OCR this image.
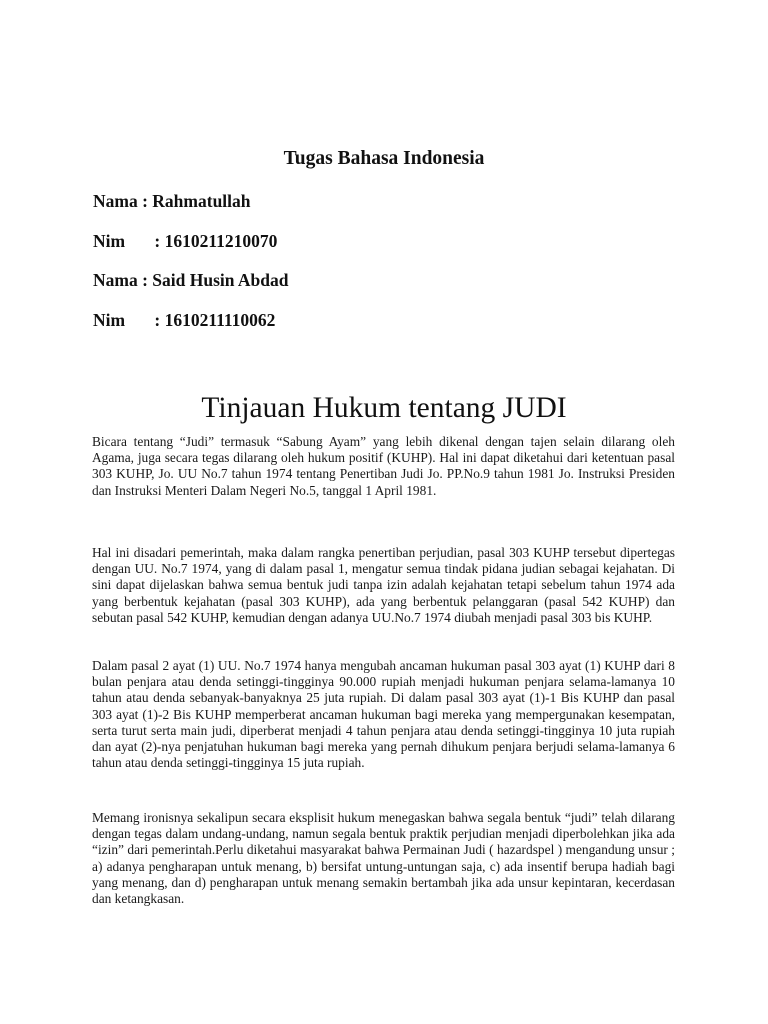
Tugas Bahasa Indonesia

Nama : Rahmatullah

Nim : 1610211210070

Nama : Said Husin Abdad

Nim : 1610211110062

Tinjauan Hukum tentang JUDI

Bicara tentang “Judi” termasuk “Sabung Ayam” yang lebih dikenal dengan tajen selain dilarang oleh Agama, juga secara tegas dilarang oleh hukum positif (KUHP). Hal ini dapat diketahui dari ketentuan pasal 303 KUHP, Jo. UU No.7 tahun 1974 tentang Penertiban Judi Jo. PP.No.9 tahun 1981 Jo. Instruksi Presiden dan Instruksi Menteri Dalam Negeri No.5, tanggal 1 April 1981.

Hal ini disadari pemerintah, maka dalam rangka penertiban perjudian, pasal 303 KUHP tersebut dipertegas dengan UU. No.7 1974, yang di dalam pasal 1, mengatur semua tindak pidana judian sebagai kejahatan. Di sini dapat dijelaskan bahwa semua bentuk judi tanpa izin adalah kejahatan tetapi sebelum tahun 1974 ada yang berbentuk kejahatan (pasal 303 KUHP), ada yang berbentuk pelanggaran (pasal 542 KUHP) dan sebutan pasal 542 KUHP, kemudian dengan adanya UU.No.7 1974 diubah menjadi pasal 303 bis KUHP.

Dalam pasal 2 ayat (1) UU. No.7 1974 hanya mengubah ancaman hukuman pasal 303 ayat (1) KUHP dari 8 bulan penjara atau denda setinggi-tingginya 90.000 rupiah menjadi hukuman penjara selama-lamanya 10 tahun atau denda sebanyak-banyaknya 25 juta rupiah. Di dalam pasal 303 ayat (1)-1 Bis KUHP dan pasal 303 ayat (1)-2 Bis KUHP memperberat ancaman hukuman bagi mereka yang mempergunakan kesempatan, serta turut serta main judi, diperberat menjadi 4 tahun penjara atau denda setinggi-tingginya 10 juta rupiah dan ayat (2)-nya penjatuhan hukuman bagi mereka yang pernah dihukum penjara berjudi selama-lamanya 6 tahun atau denda setinggi-tingginya 15 juta rupiah.

Memang ironisnya sekalipun secara eksplisit hukum menegaskan bahwa segala bentuk “judi” telah dilarang dengan tegas dalam undang-undang, namun segala bentuk praktik perjudian menjadi diperbolehkan jika ada “izin” dari pemerintah.Perlu diketahui masyarakat bahwa Permainan Judi ( hazardspel ) mengandung unsur ; a) adanya pengharapan untuk menang, b) bersifat untung-untungan saja, c) ada insentif berupa hadiah bagi yang menang, dan d) pengharapan untuk menang semakin bertambah jika ada unsur kepintaran, kecerdasan dan ketangkasan.
